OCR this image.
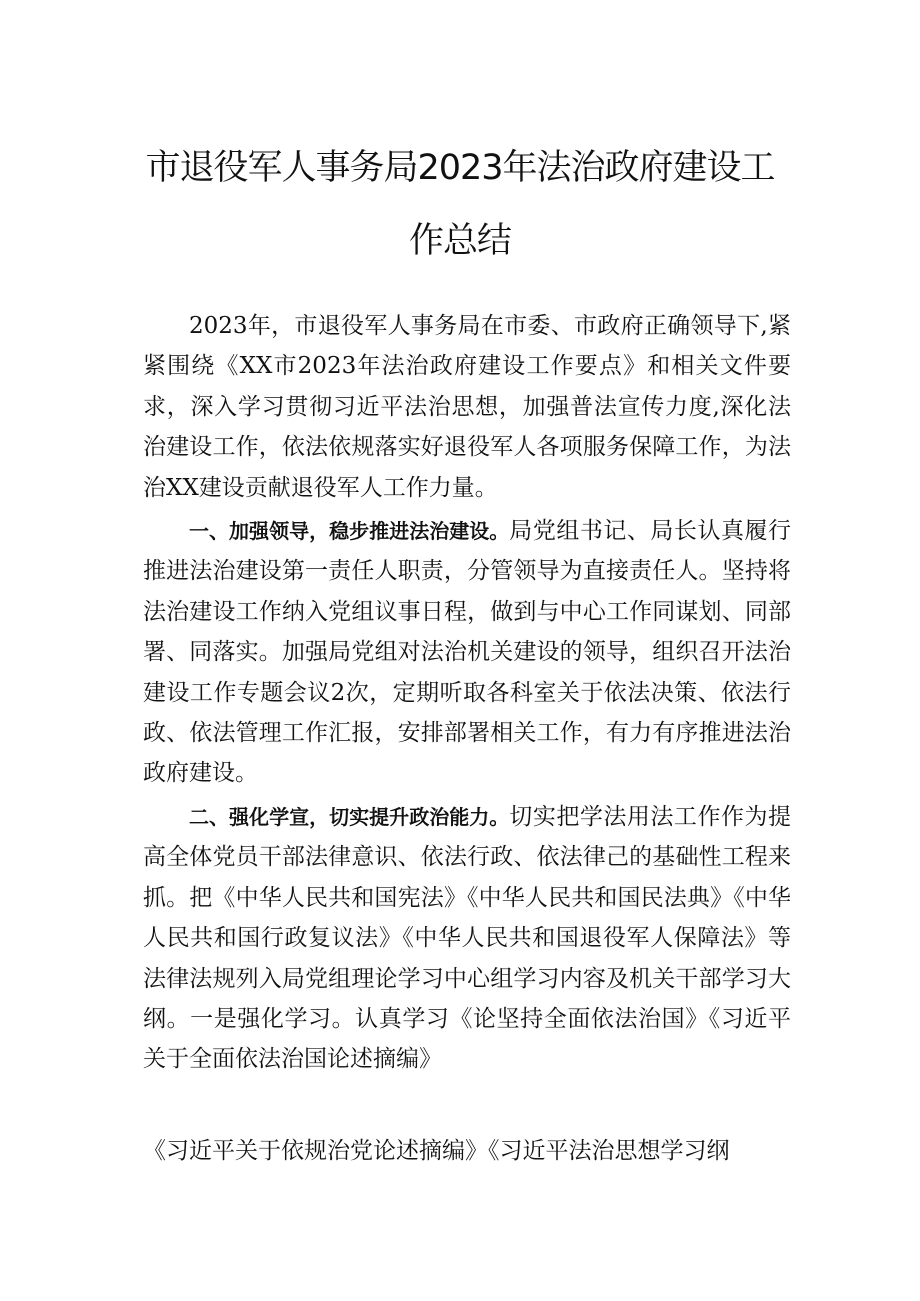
市退役军人事务局2023年法治政府建设工
作总结

2023年，市退役军人事务局在市委、市政府正确领导下,紧紧围绕《XX市2023年法治政府建设工作要点》和相关文件要求，深入学习贯彻习近平法治思想，加强普法宣传力度,深化法治建设工作，依法依规落实好退役军人各项服务保障工作，为法治XX建设贡献退役军人工作力量。

一、加强领导，稳步推进法治建设。局党组书记、局长认真履行推进法治建设第一责任人职责，分管领导为直接责任人。坚持将法治建设工作纳入党组议事日程，做到与中心工作同谋划、同部署、同落实。加强局党组对法治机关建设的领导，组织召开法治建设工作专题会议2次，定期听取各科室关于依法决策、依法行政、依法管理工作汇报，安排部署相关工作，有力有序推进法治政府建设。

二、强化学宣，切实提升政治能力。切实把学法用法工作作为提高全体党员干部法律意识、依法行政、依法律己的基础性工程来抓。把《中华人民共和国宪法》《中华人民共和国民法典》《中华人民共和国行政复议法》《中华人民共和国退役军人保障法》等法律法规列入局党组理论学习中心组学习内容及机关干部学习大纲。一是强化学习。认真学习《论坚持全面依法治国》《习近平关于全面依法治国论述摘编》

《习近平关于依规治党论述摘编》《习近平法治思想学习纲
